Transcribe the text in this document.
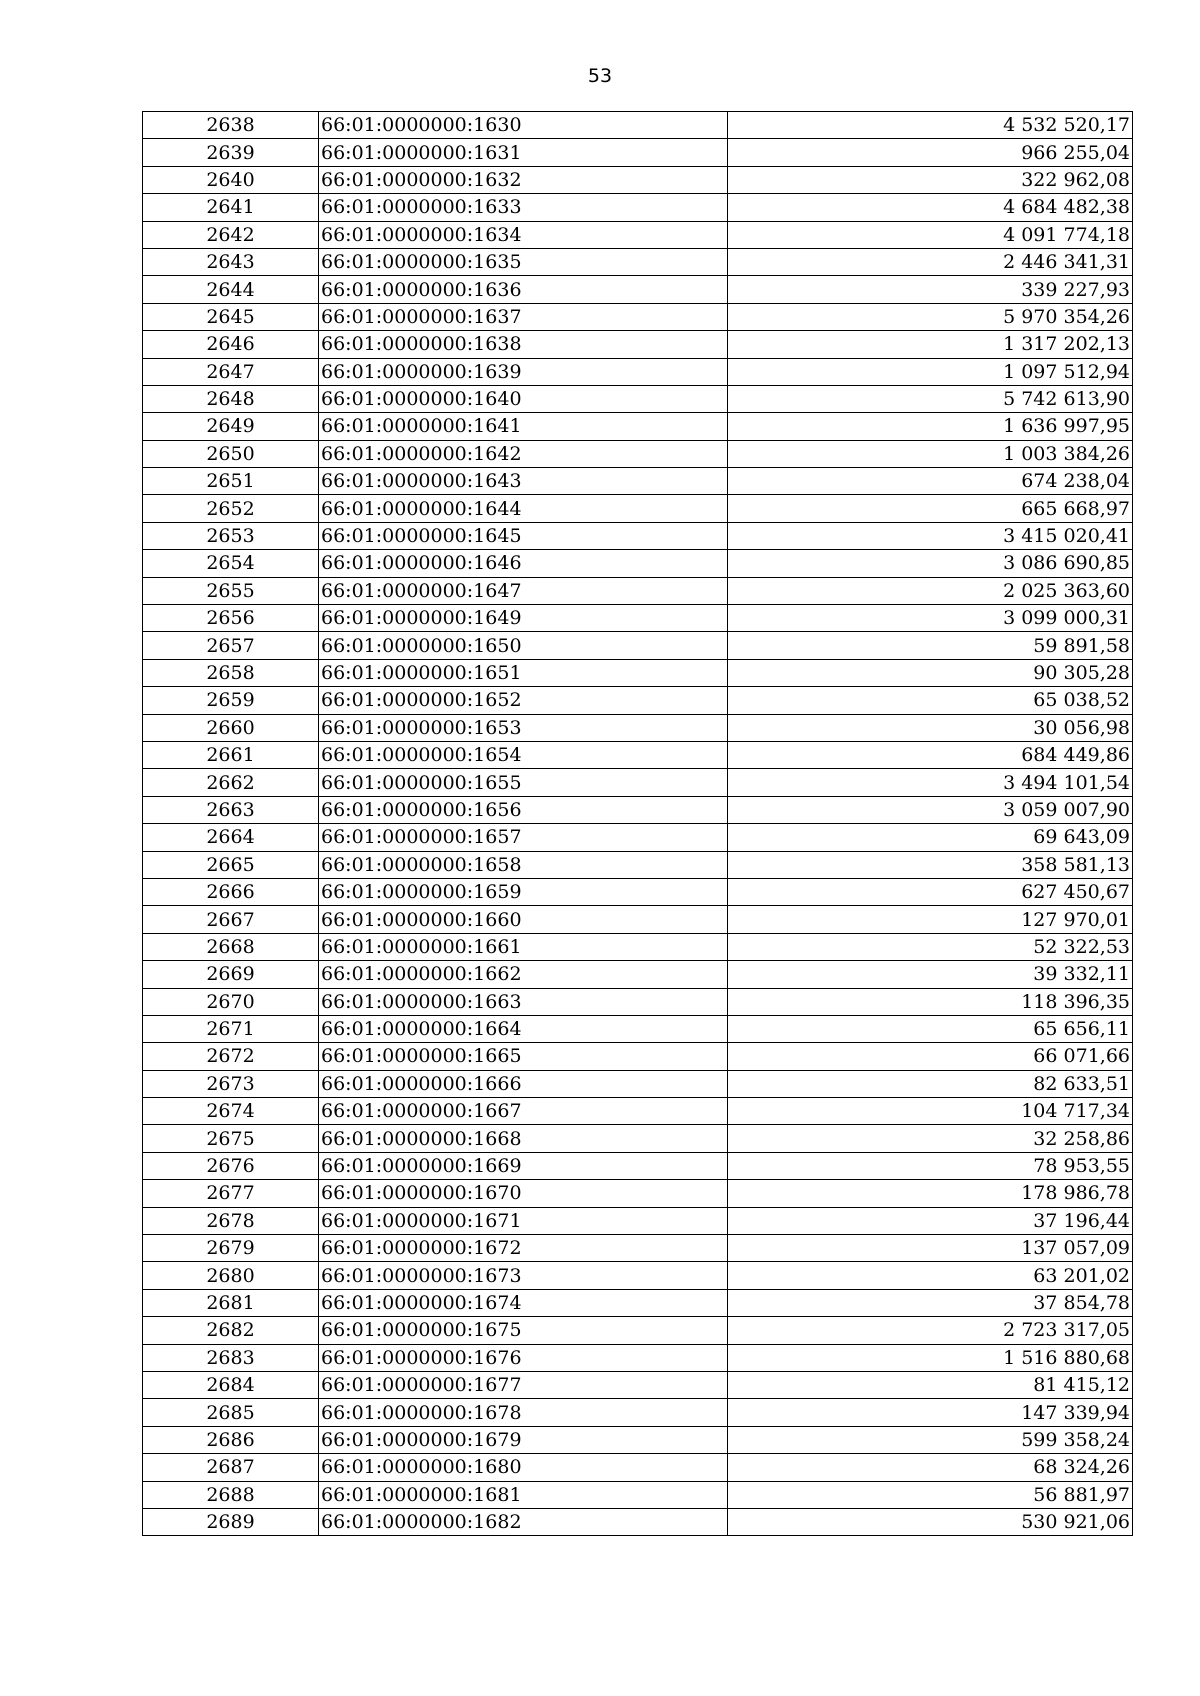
53
2638	66:01:0000000:1630	4 532 520,17
2639	66:01:0000000:1631	966 255,04
2640	66:01:0000000:1632	322 962,08
2641	66:01:0000000:1633	4 684 482,38
2642	66:01:0000000:1634	4 091 774,18
2643	66:01:0000000:1635	2 446 341,31
2644	66:01:0000000:1636	339 227,93
2645	66:01:0000000:1637	5 970 354,26
2646	66:01:0000000:1638	1 317 202,13
2647	66:01:0000000:1639	1 097 512,94
2648	66:01:0000000:1640	5 742 613,90
2649	66:01:0000000:1641	1 636 997,95
2650	66:01:0000000:1642	1 003 384,26
2651	66:01:0000000:1643	674 238,04
2652	66:01:0000000:1644	665 668,97
2653	66:01:0000000:1645	3 415 020,41
2654	66:01:0000000:1646	3 086 690,85
2655	66:01:0000000:1647	2 025 363,60
2656	66:01:0000000:1649	3 099 000,31
2657	66:01:0000000:1650	59 891,58
2658	66:01:0000000:1651	90 305,28
2659	66:01:0000000:1652	65 038,52
2660	66:01:0000000:1653	30 056,98
2661	66:01:0000000:1654	684 449,86
2662	66:01:0000000:1655	3 494 101,54
2663	66:01:0000000:1656	3 059 007,90
2664	66:01:0000000:1657	69 643,09
2665	66:01:0000000:1658	358 581,13
2666	66:01:0000000:1659	627 450,67
2667	66:01:0000000:1660	127 970,01
2668	66:01:0000000:1661	52 322,53
2669	66:01:0000000:1662	39 332,11
2670	66:01:0000000:1663	118 396,35
2671	66:01:0000000:1664	65 656,11
2672	66:01:0000000:1665	66 071,66
2673	66:01:0000000:1666	82 633,51
2674	66:01:0000000:1667	104 717,34
2675	66:01:0000000:1668	32 258,86
2676	66:01:0000000:1669	78 953,55
2677	66:01:0000000:1670	178 986,78
2678	66:01:0000000:1671	37 196,44
2679	66:01:0000000:1672	137 057,09
2680	66:01:0000000:1673	63 201,02
2681	66:01:0000000:1674	37 854,78
2682	66:01:0000000:1675	2 723 317,05
2683	66:01:0000000:1676	1 516 880,68
2684	66:01:0000000:1677	81 415,12
2685	66:01:0000000:1678	147 339,94
2686	66:01:0000000:1679	599 358,24
2687	66:01:0000000:1680	68 324,26
2688	66:01:0000000:1681	56 881,97
2689	66:01:0000000:1682	530 921,06
